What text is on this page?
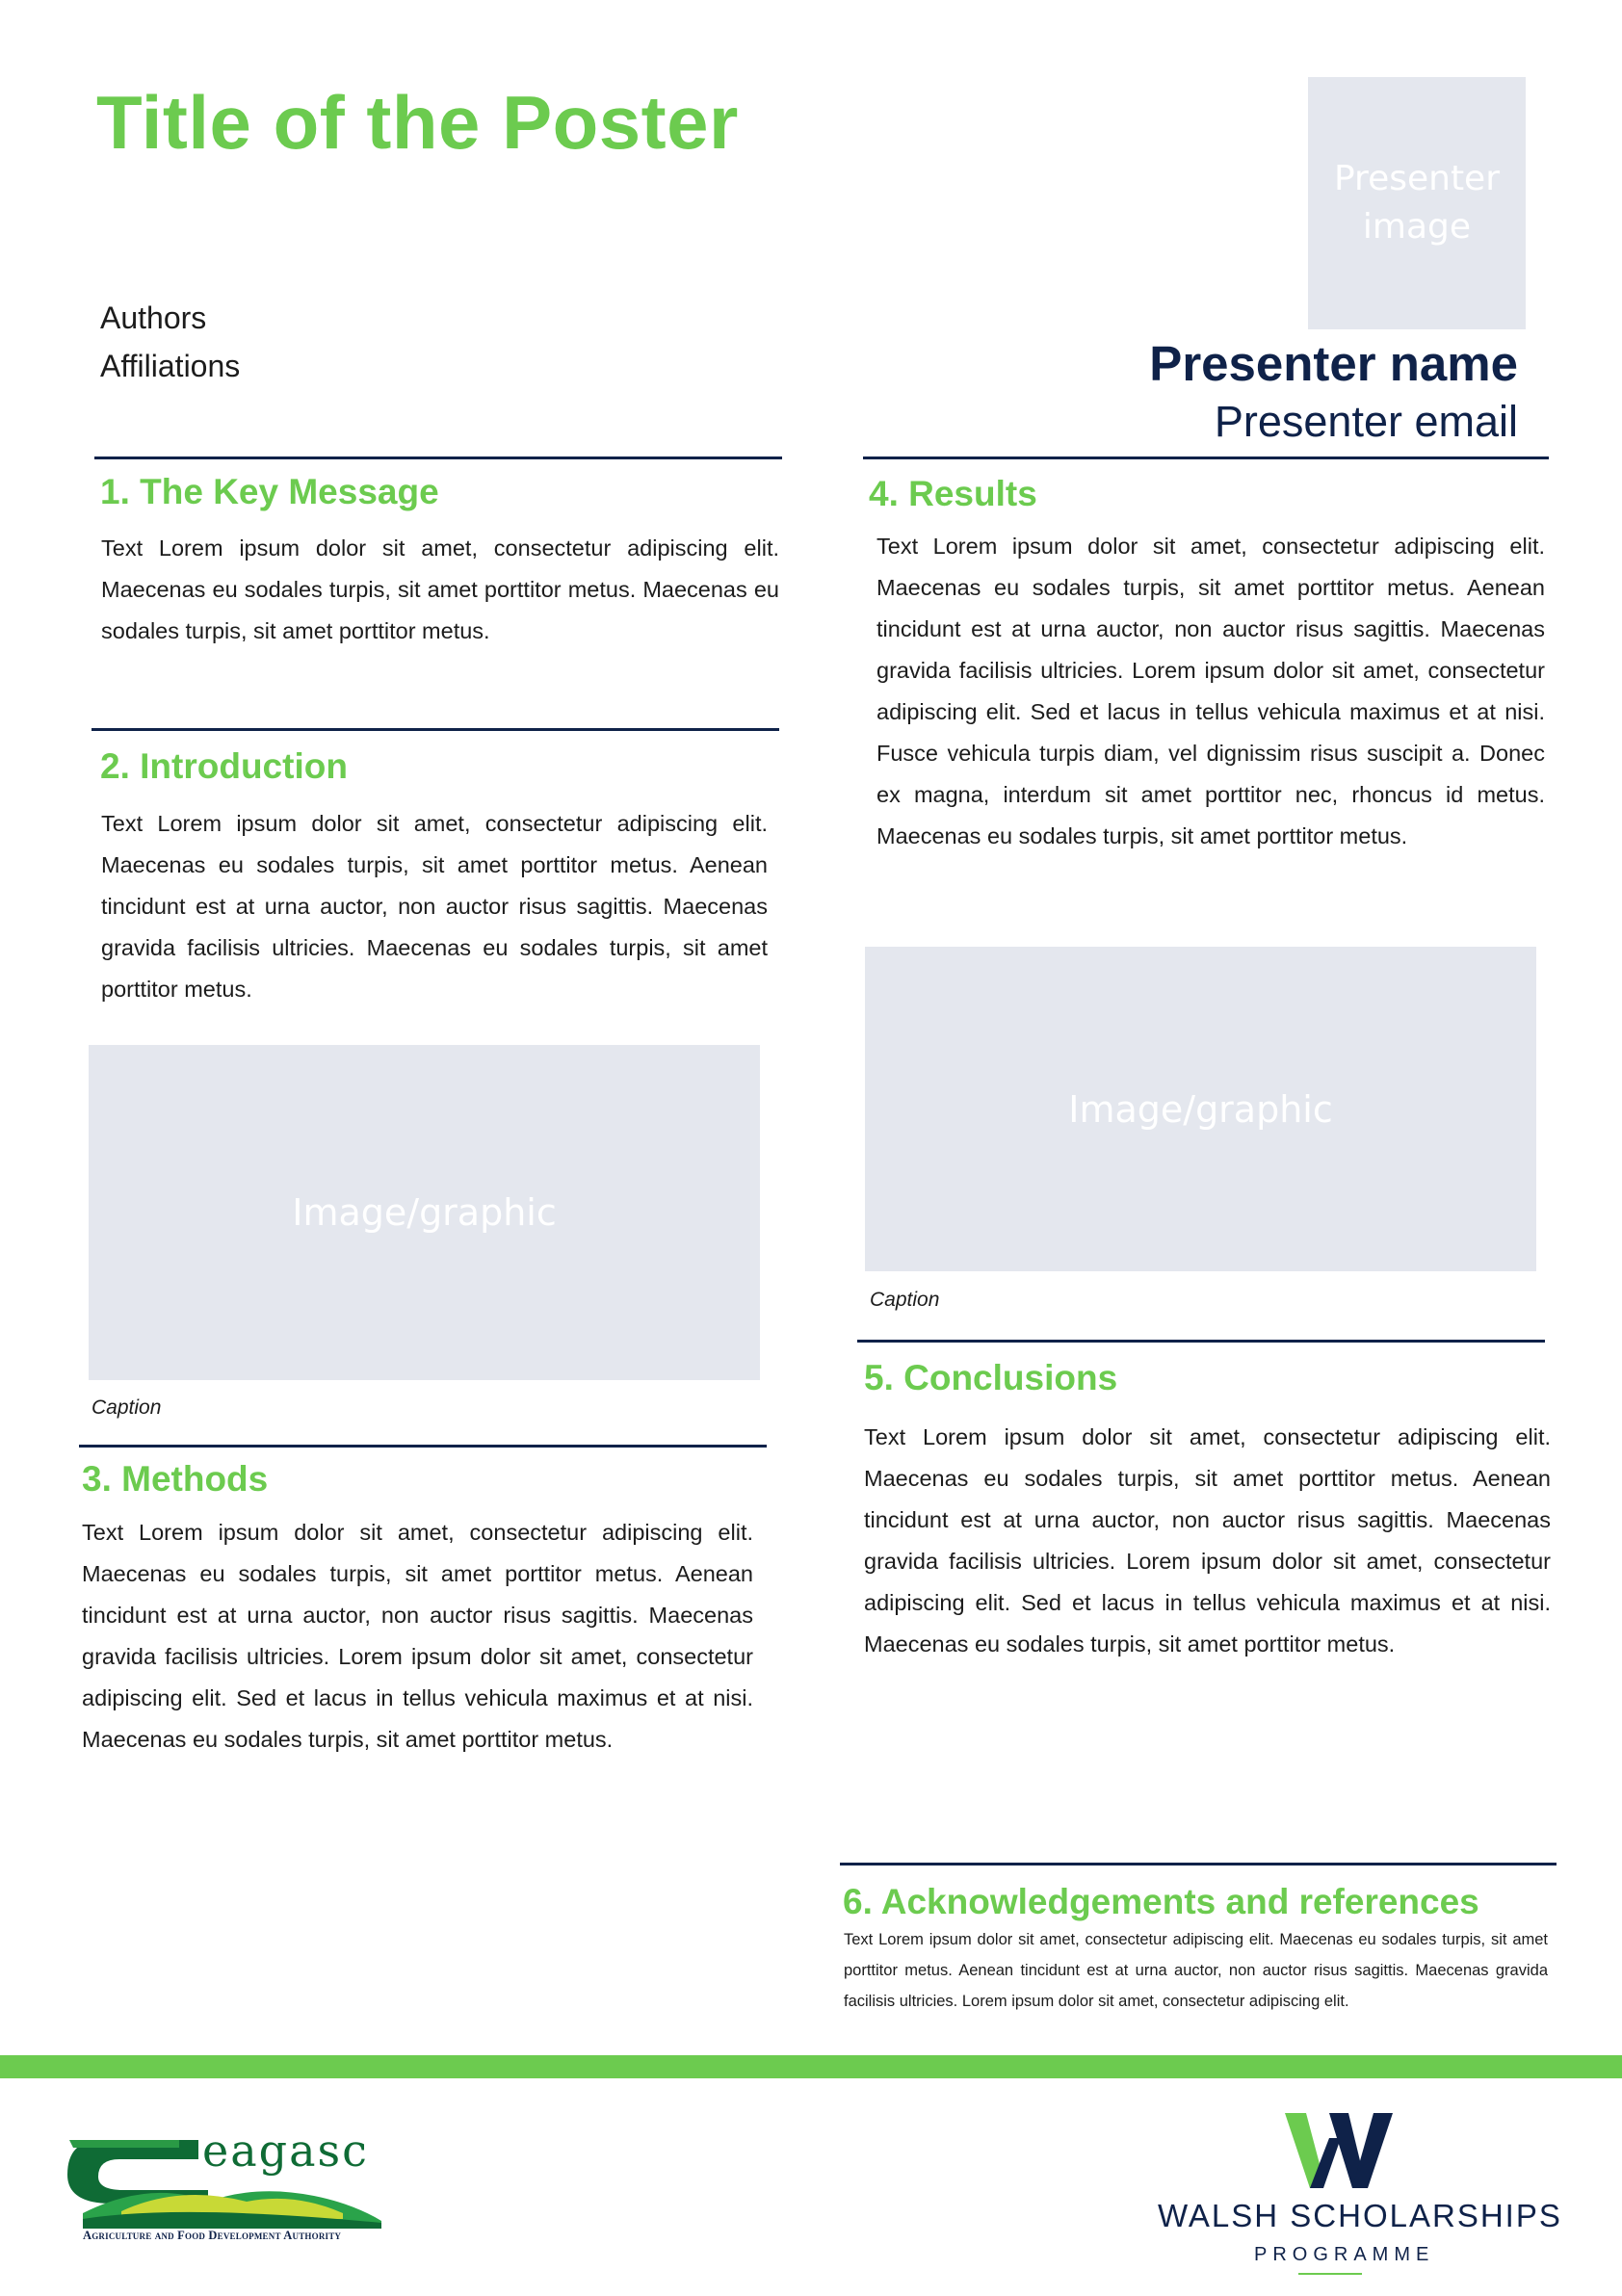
Title of the Poster
Authors
Affiliations
Presenter image
Presenter name
Presenter email
1. The Key Message
Text Lorem ipsum dolor sit amet, consectetur adipiscing elit. Maecenas eu sodales turpis, sit amet porttitor metus. Maecenas eu sodales turpis, sit amet porttitor metus.
2. Introduction
Text Lorem ipsum dolor sit amet, consectetur adipiscing elit. Maecenas eu sodales turpis, sit amet porttitor metus. Aenean tincidunt est at urna auctor, non auctor risus sagittis. Maecenas gravida facilisis ultricies. Maecenas eu sodales turpis, sit amet porttitor metus.
Image/graphic
Caption
3. Methods
Text Lorem ipsum dolor sit amet, consectetur adipiscing elit. Maecenas eu sodales turpis, sit amet porttitor metus. Aenean tincidunt est at urna auctor, non auctor risus sagittis. Maecenas gravida facilisis ultricies. Lorem ipsum dolor sit amet, consectetur adipiscing elit. Sed et lacus in tellus vehicula maximus et at nisi. Maecenas eu sodales turpis, sit amet porttitor metus.
4. Results
Text Lorem ipsum dolor sit amet, consectetur adipiscing elit. Maecenas eu sodales turpis, sit amet porttitor metus. Aenean tincidunt est at urna auctor, non auctor risus sagittis. Maecenas gravida facilisis ultricies. Lorem ipsum dolor sit amet, consectetur adipiscing elit. Sed et lacus in tellus vehicula maximus et at nisi. Fusce vehicula turpis diam, vel dignissim risus suscipit a. Donec ex magna, interdum sit amet porttitor nec, rhoncus id metus. Maecenas eu sodales turpis, sit amet porttitor metus.
Image/graphic
Caption
5. Conclusions
Text Lorem ipsum dolor sit amet, consectetur adipiscing elit. Maecenas eu sodales turpis, sit amet porttitor metus. Aenean tincidunt est at urna auctor, non auctor risus sagittis. Maecenas gravida facilisis ultricies. Lorem ipsum dolor sit amet, consectetur adipiscing elit. Sed et lacus in tellus vehicula maximus et at nisi. Maecenas eu sodales turpis, sit amet porttitor metus.
6. Acknowledgements and references
Text Lorem ipsum dolor sit amet, consectetur adipiscing elit. Maecenas eu sodales turpis, sit amet porttitor metus. Aenean tincidunt est at urna auctor, non auctor risus sagittis. Maecenas gravida facilisis ultricies. Lorem ipsum dolor sit amet, consectetur adipiscing elit.
eagasc
Agriculture and Food Development Authority
WALSH SCHOLARSHIPS
PROGRAMME
